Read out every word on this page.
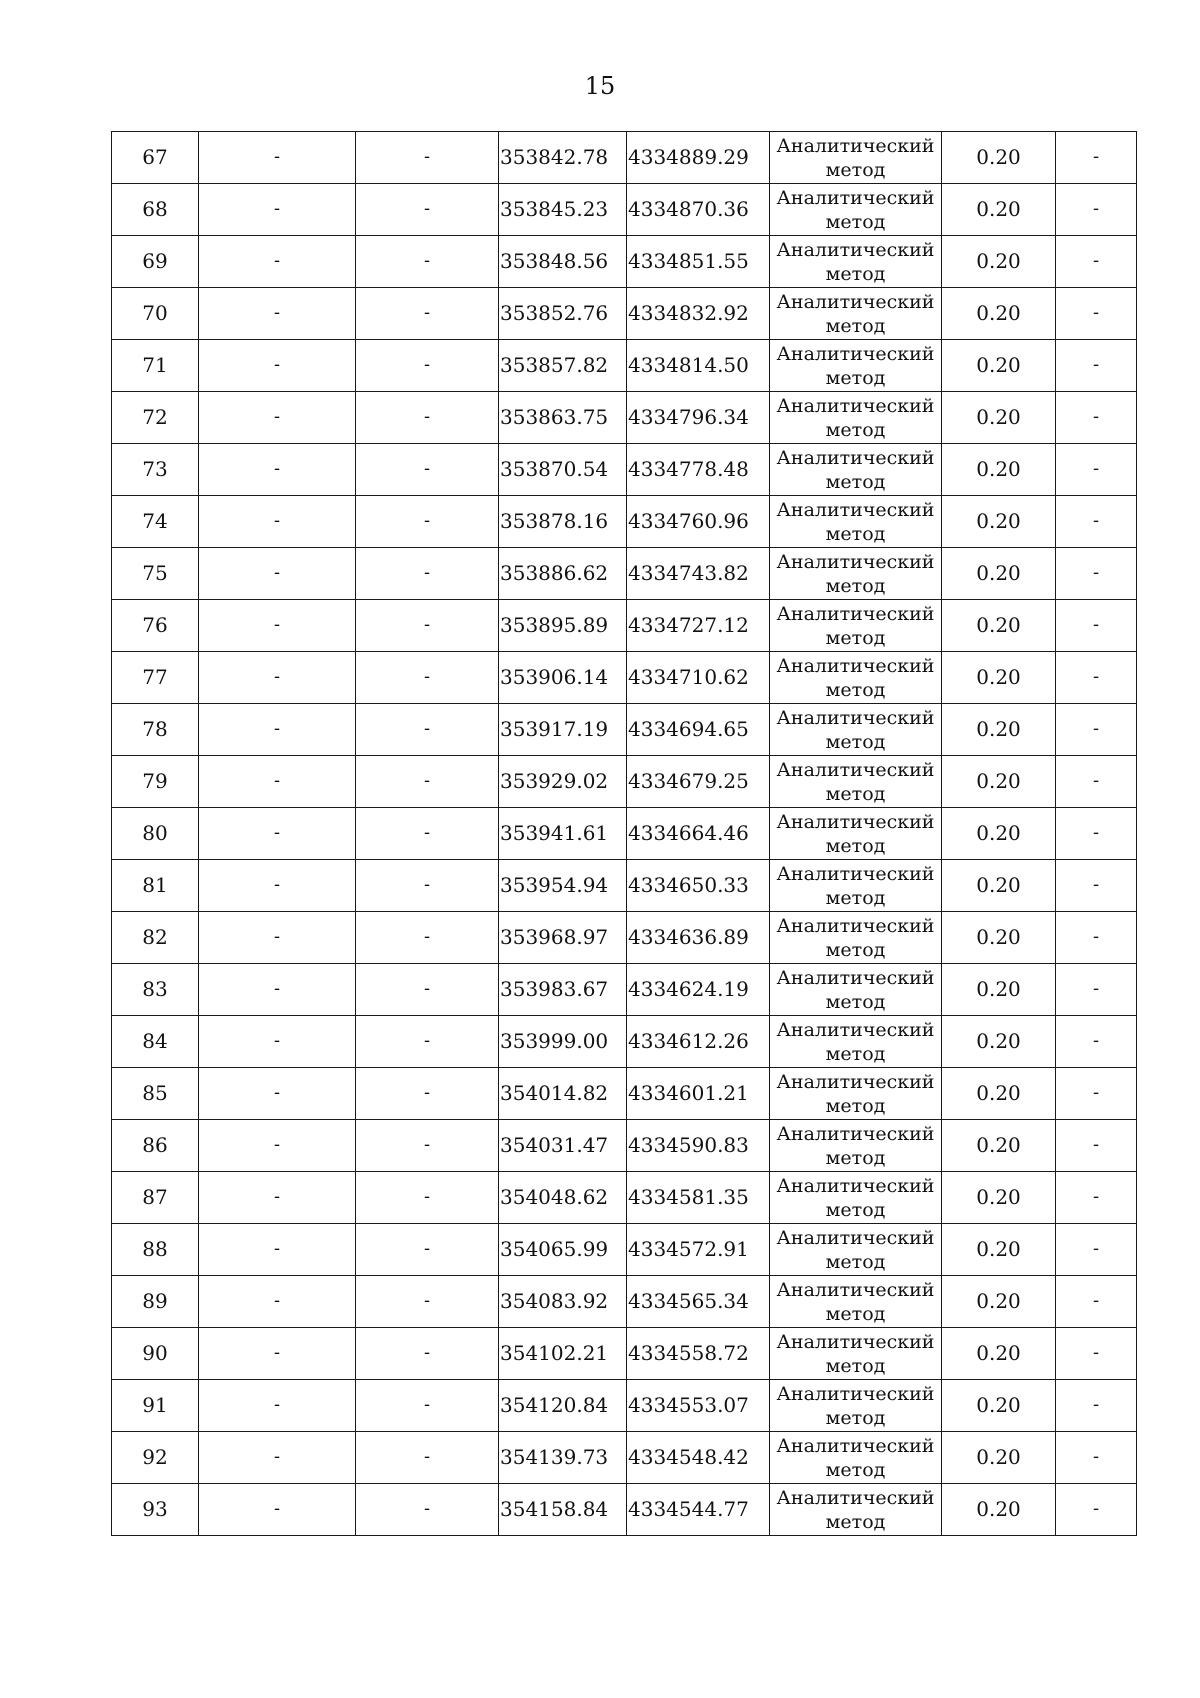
15
67	-	-	353842.78	4334889.29	Аналитический
метод	0.20	-
68	-	-	353845.23	4334870.36	Аналитический
метод	0.20	-
69	-	-	353848.56	4334851.55	Аналитический
метод	0.20	-
70	-	-	353852.76	4334832.92	Аналитический
метод	0.20	-
71	-	-	353857.82	4334814.50	Аналитический
метод	0.20	-
72	-	-	353863.75	4334796.34	Аналитический
метод	0.20	-
73	-	-	353870.54	4334778.48	Аналитический
метод	0.20	-
74	-	-	353878.16	4334760.96	Аналитический
метод	0.20	-
75	-	-	353886.62	4334743.82	Аналитический
метод	0.20	-
76	-	-	353895.89	4334727.12	Аналитический
метод	0.20	-
77	-	-	353906.14	4334710.62	Аналитический
метод	0.20	-
78	-	-	353917.19	4334694.65	Аналитический
метод	0.20	-
79	-	-	353929.02	4334679.25	Аналитический
метод	0.20	-
80	-	-	353941.61	4334664.46	Аналитический
метод	0.20	-
81	-	-	353954.94	4334650.33	Аналитический
метод	0.20	-
82	-	-	353968.97	4334636.89	Аналитический
метод	0.20	-
83	-	-	353983.67	4334624.19	Аналитический
метод	0.20	-
84	-	-	353999.00	4334612.26	Аналитический
метод	0.20	-
85	-	-	354014.82	4334601.21	Аналитический
метод	0.20	-
86	-	-	354031.47	4334590.83	Аналитический
метод	0.20	-
87	-	-	354048.62	4334581.35	Аналитический
метод	0.20	-
88	-	-	354065.99	4334572.91	Аналитический
метод	0.20	-
89	-	-	354083.92	4334565.34	Аналитический
метод	0.20	-
90	-	-	354102.21	4334558.72	Аналитический
метод	0.20	-
91	-	-	354120.84	4334553.07	Аналитический
метод	0.20	-
92	-	-	354139.73	4334548.42	Аналитический
метод	0.20	-
93	-	-	354158.84	4334544.77	Аналитический
метод	0.20	-
